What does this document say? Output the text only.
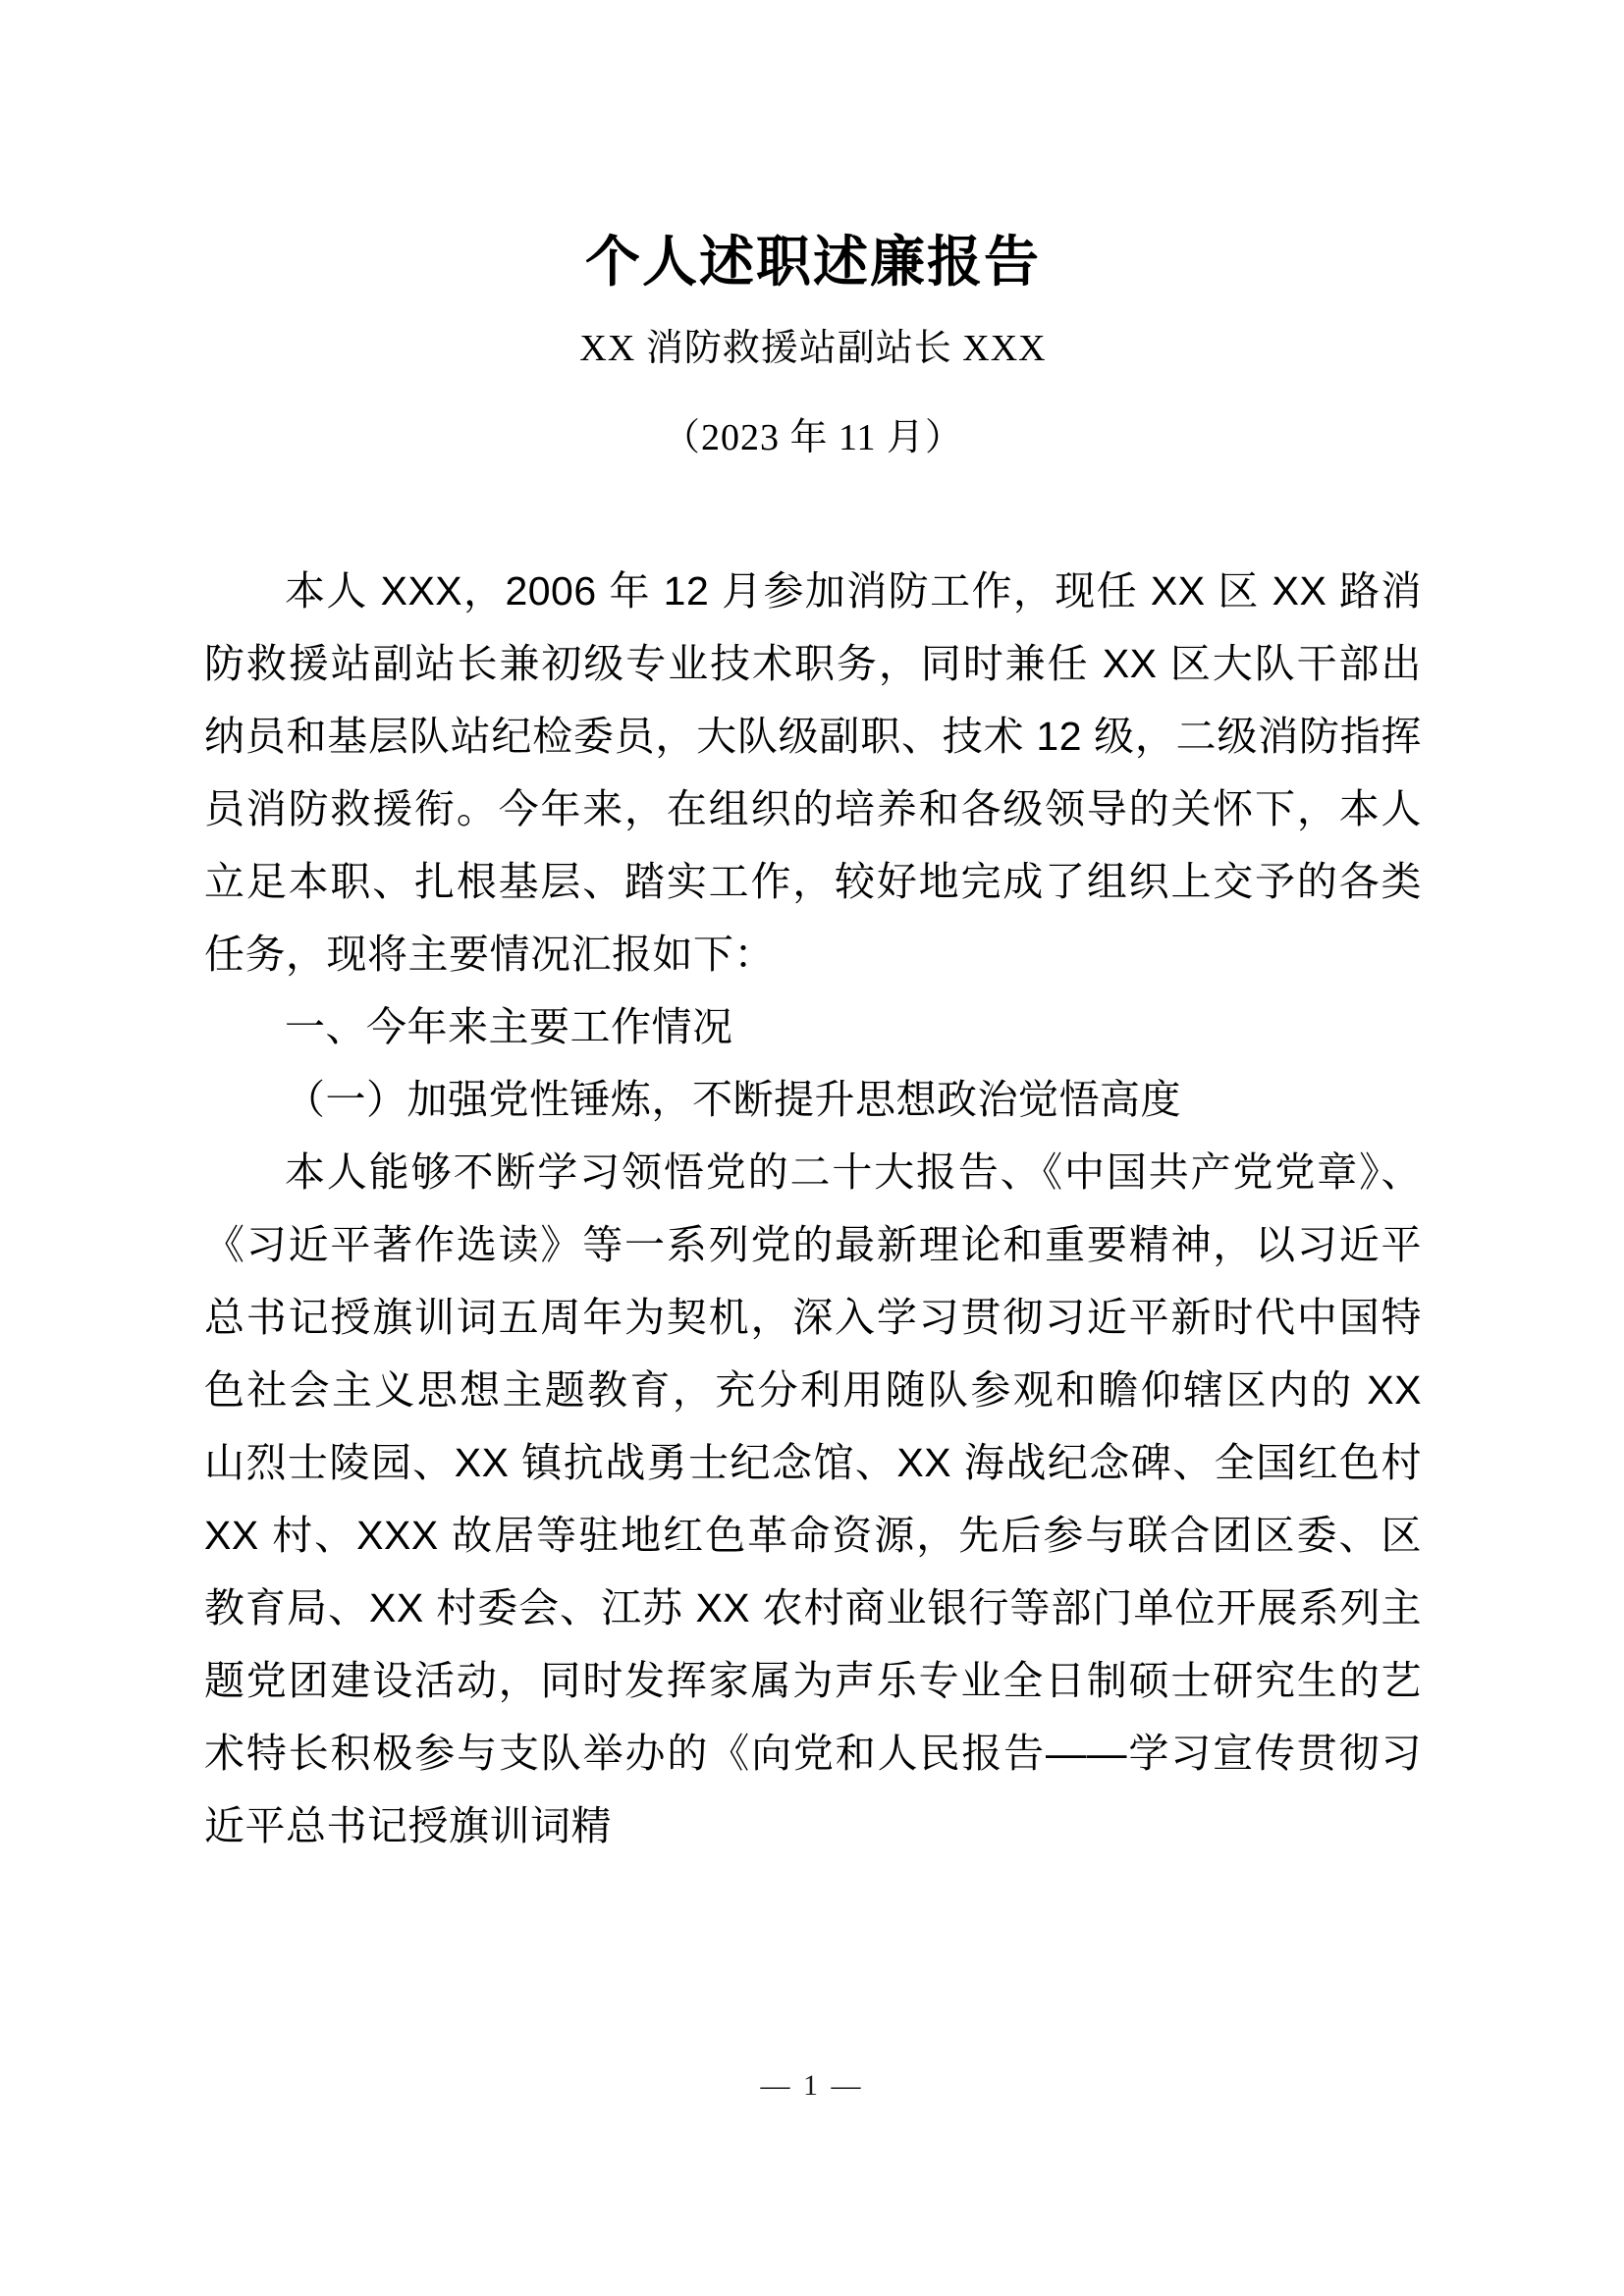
个人述职述廉报告

XX 消防救援站副站长 XXX

（2023 年 11 月）

本人 XXX，2006 年 12 月参加消防工作，现任 XX 区 XX 路消防救援站副站长兼初级专业技术职务，同时兼任 XX 区大队干部出纳员和基层队站纪检委员，大队级副职、技术 12 级，二级消防指挥员消防救援衔。今年来，在组织的培养和各级领导的关怀下，本人立足本职、扎根基层、踏实工作，较好地完成了组织上交予的各类任务，现将主要情况汇报如下：

一、今年来主要工作情况

（一）加强党性锤炼，不断提升思想政治觉悟高度

本人能够不断学习领悟党的二十大报告、《中国共产党党章》、《习近平著作选读》等一系列党的最新理论和重要精神，以习近平总书记授旗训词五周年为契机，深入学习贯彻习近平新时代中国特色社会主义思想主题教育，充分利用随队参观和瞻仰辖区内的 XX 山烈士陵园、XX 镇抗战勇士纪念馆、XX 海战纪念碑、全国红色村 XX 村、XXX 故居等驻地红色革命资源，先后参与联合团区委、区教育局、XX 村委会、江苏 XX 农村商业银行等部门单位开展系列主题党团建设活动，同时发挥家属为声乐专业全日制硕士研究生的艺术特长积极参与支队举办的《向党和人民报告——学习宣传贯彻习近平总书记授旗训词精

— 1 —
